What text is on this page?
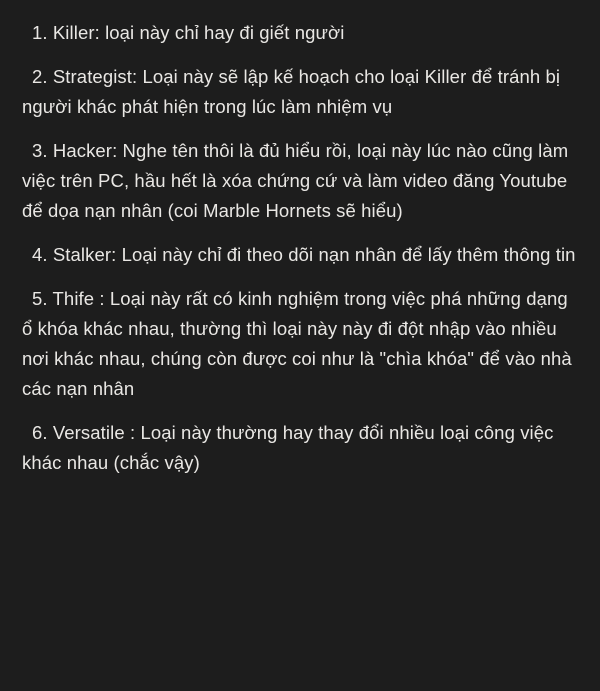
1. Killer: loại này chỉ hay đi giết người

2. Strategist: Loại này sẽ lập kế hoạch cho loại Killer để tránh bị người khác phát hiện trong lúc làm nhiệm vụ

3. Hacker: Nghe tên thôi là đủ hiểu rồi, loại này lúc nào cũng làm việc trên PC, hầu hết là xóa chứng cứ và làm video đăng Youtube để dọa nạn nhân (coi Marble Hornets sẽ hiểu)

4. Stalker: Loại này chỉ đi theo dõi nạn nhân để lấy thêm thông tin

5. Thife : Loại này rất có kinh nghiệm trong việc phá những dạng ổ khóa khác nhau, thường thì loại này này đi đột nhập vào nhiều nơi khác nhau, chúng còn được coi như là "chìa khóa" để vào nhà các nạn nhân

6. Versatile : Loại này thường hay thay đổi nhiều loại công việc khác nhau (chắc vậy)
